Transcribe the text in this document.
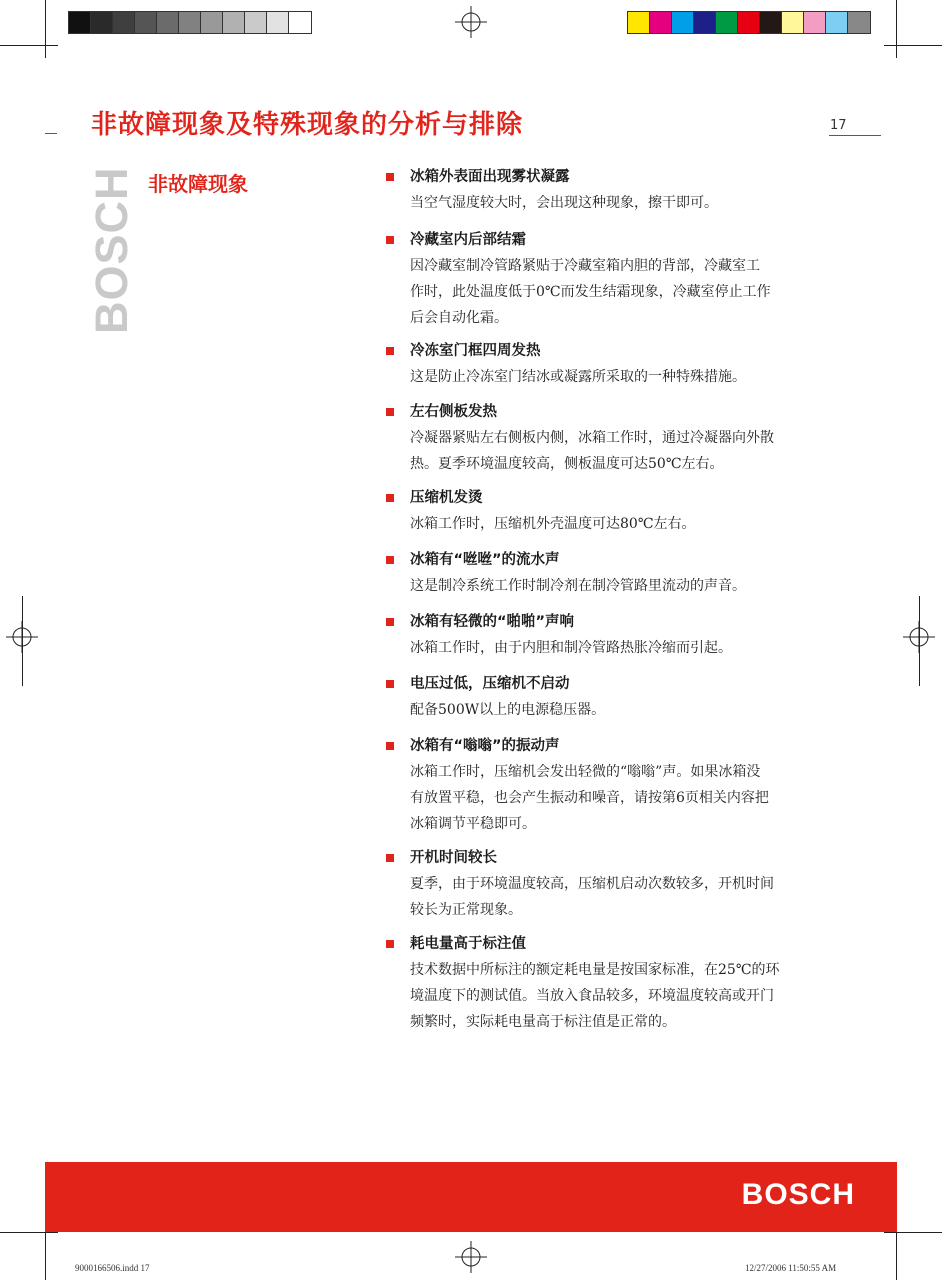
非故障现象及特殊现象的分析与排除	17
BOSCH 非故障现象	冰箱外表面出现雾状凝露
当空气湿度较大时，会出现这种现象，擦干即可。
冷藏室内后部结霜
因冷藏室制冷管路紧贴于冷藏室箱内胆的背部，冷藏室工
作时，此处温度低于0℃而发生结霜现象，冷藏室停止工作
后会自动化霜。
冷冻室门框四周发热
这是防止冷冻室门结冰或凝露所采取的一种特殊措施。
左右侧板发热
冷凝器紧贴左右侧板内侧，冰箱工作时，通过冷凝器向外散
热。夏季环境温度较高，侧板温度可达50℃左右。
压缩机发烫
冰箱工作时，压缩机外壳温度可达80℃左右。
冰箱有“咝咝”的流水声
这是制冷系统工作时制冷剂在制冷管路里流动的声音。
冰箱有轻微的“啪啪”声响
冰箱工作时，由于内胆和制冷管路热胀冷缩而引起。
电压过低，压缩机不启动
配备500W以上的电源稳压器。
冰箱有“嗡嗡”的振动声
冰箱工作时，压缩机会发出轻微的“嗡嗡”声。如果冰箱没
有放置平稳，也会产生振动和噪音，请按第6页相关内容把
冰箱调节平稳即可。
开机时间较长
夏季，由于环境温度较高，压缩机启动次数较多，开机时间
较长为正常现象。
耗电量高于标注值
技术数据中所标注的额定耗电量是按国家标准，在25℃的环
境温度下的测试值。当放入食品较多，环境温度较高或开门
频繁时，实际耗电量高于标注值是正常的。
BOSCH
9000166506.indd 17	12/27/2006 11:50:55 AM
